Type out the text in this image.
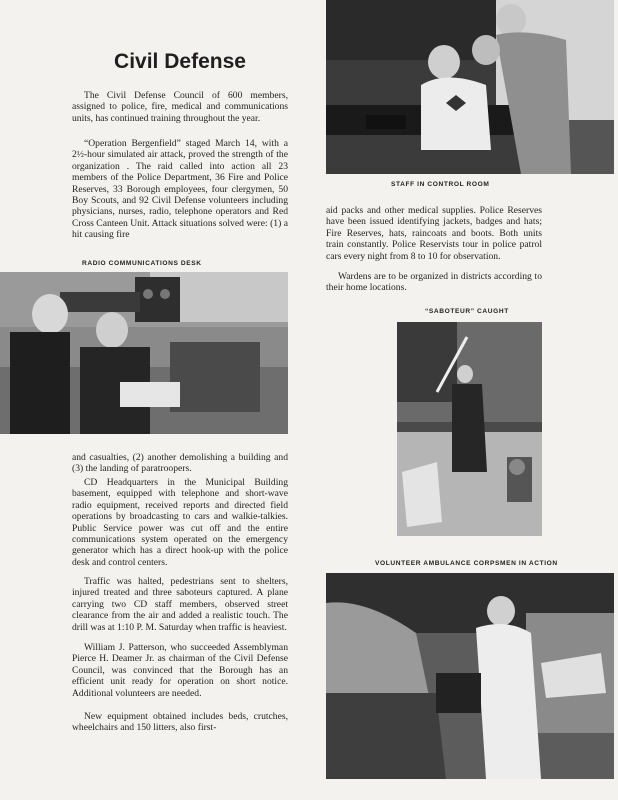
Civil Defense

The Civil Defense Council of 600 members, assigned to police, fire, medical and communications units, has continued training throughout the year.

“Operation Bergenfield” staged March 14, with a 2½-hour simulated air attack, proved the strength of the organization . The raid called into action all 23 members of the Police Department, 36 Fire and Police Reserves, 33 Borough employees, four clergymen, 50 Boy Scouts, and 92 Civil Defense volunteers including physicians, nurses, radio, telephone operators and Red Cross Canteen Unit. Attack situations solved were: (1) a hit causing fire

RADIO COMMUNICATIONS DESK

and casualties, (2) another demolishing a building and (3) the landing of paratroopers.

CD Headquarters in the Municipal Building basement, equipped with telephone and short-wave radio equipment, received reports and directed field operations by broadcasting to cars and walkie-talkies. Public Service power was cut off and the entire communications system operated on the emergency generator which has a direct hook-up with the police desk and control centers.

Traffic was halted, pedestrians sent to shelters, injured treated and three saboteurs captured. A plane carrying two CD staff members, observed street clearance from the air and added a realistic touch. The drill was at 1:10 P. M. Saturday when traffic is heaviest.

William J. Patterson, who succeeded Assemblyman Pierce H. Deamer Jr. as chairman of the Civil Defense Council, was convinced that the Borough has an efficient unit ready for operation on short notice. Additional volunteers are needed.

New equipment obtained includes beds, crutches, wheelchairs and 150 litters, also first-

STAFF IN CONTROL ROOM

aid packs and other medical supplies. Police Reserves have been issued identifying jackets, badges and hats; Fire Reserves, hats, raincoats and boots. Both units train constantly. Police Reservists tour in police patrol cars every night from 8 to 10 for observation.

Wardens are to be organized in districts according to their home locations.

“SABOTEUR” CAUGHT

VOLUNTEER AMBULANCE CORPSMEN IN ACTION
